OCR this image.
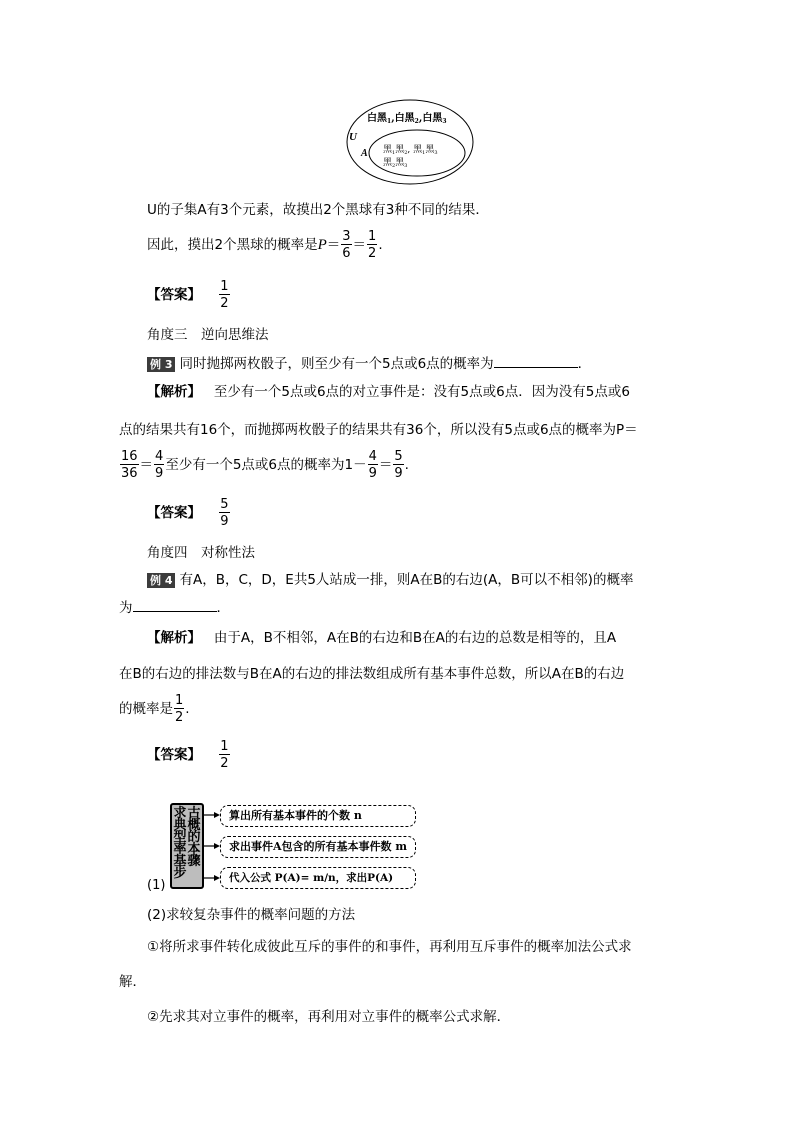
白黑$_1$,白黑$_2$,白黑$_3$
U
A 黑$_1$黑$_2$, 黑$_1$黑$_3$
黑$_2$黑$_3$
U的子集A有3个元素，故摸出2个黑球有3种不同的结果．
因此，摸出2个黑球的概率是$P= \frac{3}{6} = \frac{1}{2}$ .
【答案】 $\frac{1}{2}$
角度三　逆向思维法
例 3 同时抛掷两枚骰子，则至少有一个5点或6点的概率为	．
【解析】 至少有一个5点或6点的对立事件是：没有5点或6点．因为没有5点或6
点的结果共有16个，而抛掷两枚骰子的结果共有36个，所以没有5点或6点的概率为P＝
$\frac{16}{36} = \frac{4}{9}$ 至少有一个5点或6点的概率为$1- \frac{4}{9} = \frac{5}{9}$ .
【答案】 $\frac{5}{9}$
角度四　对称性法
例 4 有A，B，C，D，E共5人站成一排，则A在B的右边(A，B可以不相邻)的概率
为	．
【解析】 由于A，B不相邻，A在B的右边和B在A的右边的总数是相等的，且A
在B的右边的排法数与B在A的右边的排法数组成所有基本事件总数，所以A在B的右边
的概率是 $\frac{1}{2}$ .
【答案】 $\frac{1}{2}$
(1)
古
概
的
本
骤
求
典
型
率
基
步
算出所有基本事件的个数 n
求出事件A包含的所有基本事件数 m
代入公式 P(A)= m/n，求出P(A)
(2)求较复杂事件的概率问题的方法
①将所求事件转化成彼此互斥的事件的和事件，再利用互斥事件的概率加法公式求
解．
②先求其对立事件的概率，再利用对立事件的概率公式求解．
